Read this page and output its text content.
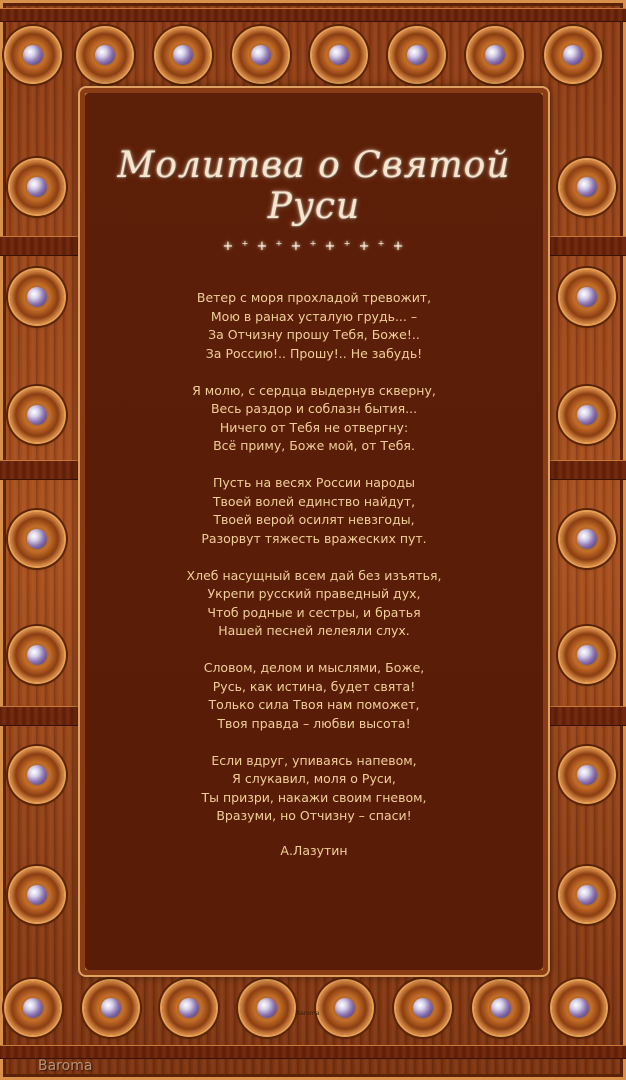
Молитва о Святой Руси
+ ⁺ + ⁺ + ⁺ + ⁺ + ⁺ +
Ветер с моря прохладой тревожит,
Мою в ранах усталую грудь... –
За Отчизну прошу Тебя, Боже!..
За Россию!.. Прошу!.. Не забудь!
Я молю, с сердца выдернув скверну,
Весь раздор и соблазн бытия...
Ничего от Тебя не отвергну:
Всё приму, Боже мой, от Тебя.
Пусть на весях России народы
Твоей волей единство найдут,
Твоей верой осилят невзгоды,
Разорвут тяжесть вражеских пут.
Хлеб насущный всем дай без изъятья,
Укрепи русский праведный дух,
Чтоб родные и сестры, и братья
Нашей песней лелеяли слух.
Словом, делом и мыслями, Боже,
Русь, как истина, будет свята!
Только сила Твоя нам поможет,
Твоя правда – любви высота!
Если вдруг, упиваясь напевом,
Я слукавил, моля о Руси,
Ты призри, накажи своим гневом,
Вразуми, но Отчизну – спаси!
А.Лазутин
Baroma
Baroma
